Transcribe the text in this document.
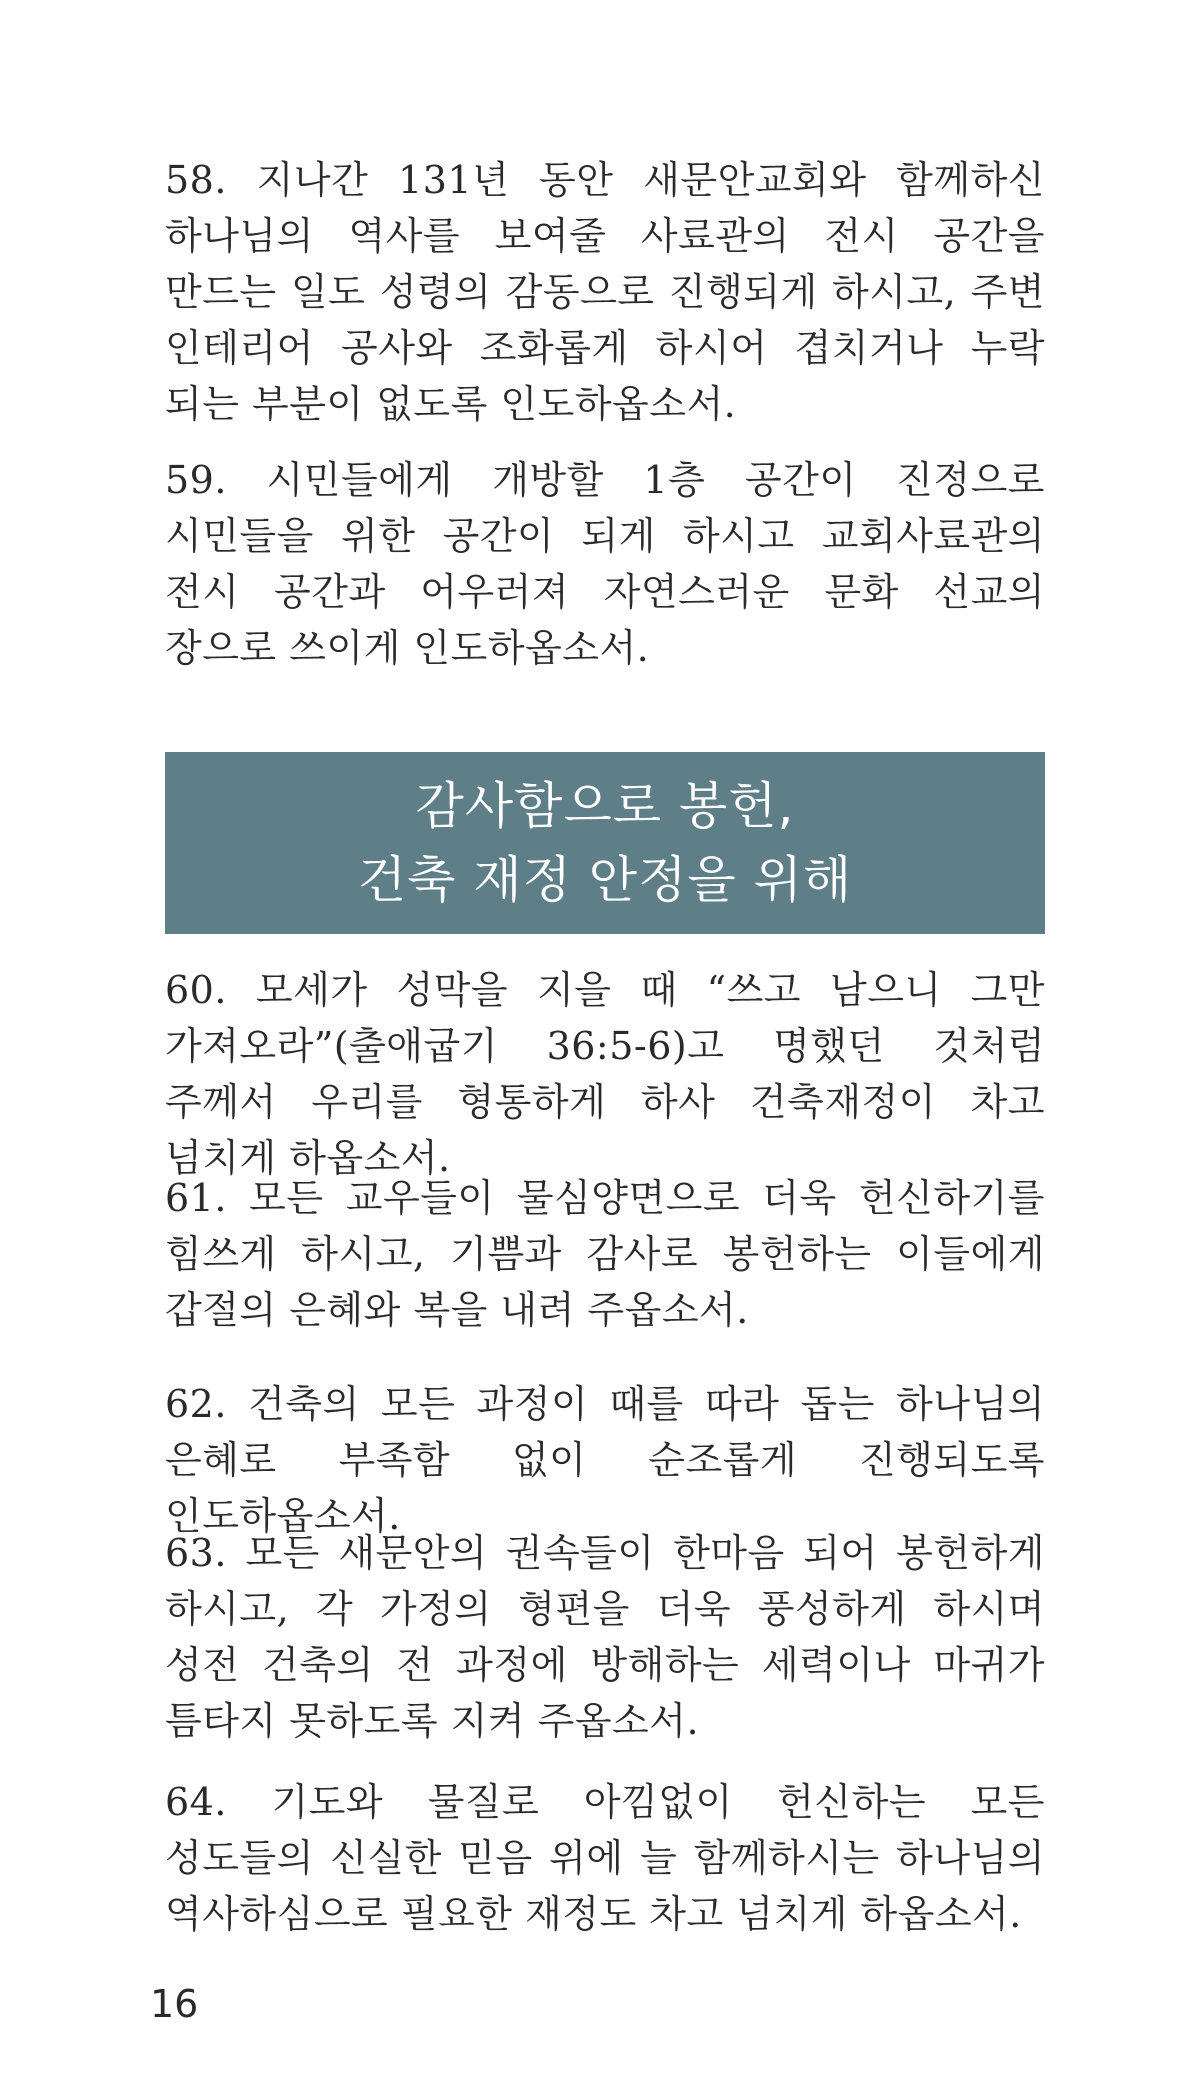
58. 지나간 131년 동안 새문안교회와 함께하신 하나님의 역사를 보여줄 사료관의 전시 공간을 만드는 일도 성령의 감동으로 진행되게 하시고, 주변 인테리어 공사와 조화롭게 하시어 겹치거나 누락 되는 부분이 없도록 인도하옵소서.

59. 시민들에게 개방할 1층 공간이 진정으로 시민들을 위한 공간이 되게 하시고 교회사료관의 전시 공간과 어우러져 자연스러운 문화 선교의 장으로 쓰이게 인도하옵소서.

감사함으로 봉헌,
건축 재정 안정을 위해

60. 모세가 성막을 지을 때 “쓰고 남으니 그만 가져오라”(출애굽기 36:5-6)고 명했던 것처럼 주께서 우리를 형통하게 하사 건축재정이 차고 넘치게 하옵소서.

61. 모든 교우들이 물심양면으로 더욱 헌신하기를 힘쓰게 하시고, 기쁨과 감사로 봉헌하는 이들에게 갑절의 은혜와 복을 내려 주옵소서.

62. 건축의 모든 과정이 때를 따라 돕는 하나님의 은혜로 부족함 없이 순조롭게 진행되도록 인도하옵소서.

63. 모든 새문안의 권속들이 한마음 되어 봉헌하게 하시고, 각 가정의 형편을 더욱 풍성하게 하시며 성전 건축의 전 과정에 방해하는 세력이나 마귀가 틈타지 못하도록 지켜 주옵소서.

64. 기도와 물질로 아낌없이 헌신하는 모든 성도들의 신실한 믿음 위에 늘 함께하시는 하나님의 역사하심으로 필요한 재정도 차고 넘치게 하옵소서.

16
